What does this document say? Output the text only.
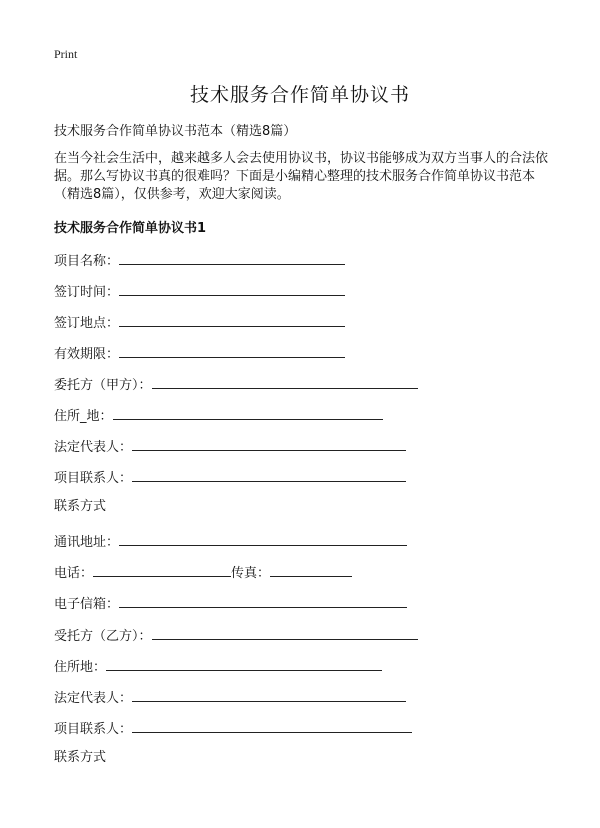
Print
技术服务合作简单协议书

技术服务合作简单协议书范本（精选8篇）

在当今社会生活中，越来越多人会去使用协议书，协议书能够成为双方当事人的合法依据。那么写协议书真的很难吗？下面是小编精心整理的技术服务合作简单协议书范本（精选8篇），仅供参考，欢迎大家阅读。

技术服务合作简单协议书1
项目名称：
签订时间：
签订地点：
有效期限：
委托方（甲方）：
住所_地：
法定代表人：
项目联系人：
联系方式
通讯地址：
电话：	传真：
电子信箱：
受托方（乙方）：
住所地：
法定代表人：
项目联系人：
联系方式
